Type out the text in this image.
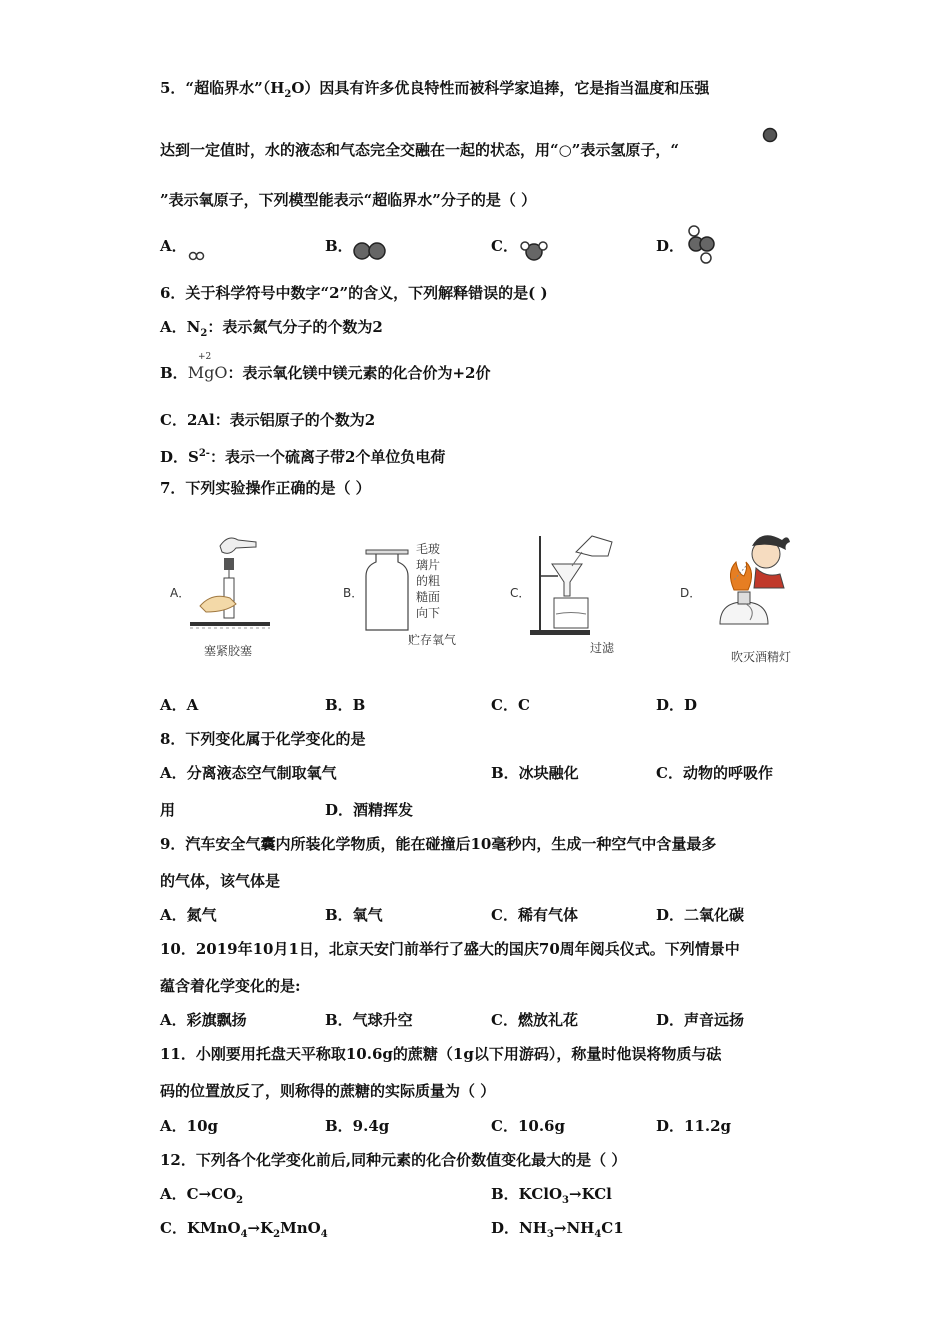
5．“超临界水$”(H_2O)$因具有许多优良特性而被科学家追捧，它是指当温度和压强
达到一定值时，水的液态和气态完全交融在一起的状态，用“○”表示氢原子，“
”表示氧原子，下列模型能表示“超临界水”分子的是（ ）
A．	B．	C．	D．
6．关于科学符号中数字“2”的含义，下列解释错误的是( )
A．$N_2$：表示氮气分子的个数为2
+2
B．MgO：表示氧化镁中镁元素的化合价为+2价
C．2Al：表示铝原子的个数为2
D．$S^{2-}$：表示一个硫离子带2个单位负电荷
7．下列实验操作正确的是（ ）
A．
塞紧胶塞
B．
毛玻
璃片
的粗
糙面
向下
贮存氧气
C．
过滤
D．
吹灭酒精灯
A．A	B．B	C．C	D．D
8．下列变化属于化学变化的是
A．分离液态空气制取氧气	B．冰块融化	C．动物的呼吸作
用	D．酒精挥发
9．汽车安全气囊内所装化学物质，能在碰撞后10毫秒内，生成一种空气中含量最多
的气体，该气体是
A．氮气	B．氧气	C．稀有气体	D．二氧化碳
10．2019年10月1日，北京天安门前举行了盛大的国庆70周年阅兵仪式。下列情景中
蕴含着化学变化的是:
A．彩旗飘扬	B．气球升空	C．燃放礼花	D．声音远扬
11．小刚要用托盘天平称取10.6g的蔗糖（1g以下用游码），称量时他误将物质与砝
码的位置放反了，则称得的蔗糖的实际质量为（ ）
A．10g	B．9.4g	C．10.6g	D．11.2g
12．下列各个化学变化前后,同种元素的化合价数值变化最大的是（ ）
A．$C\to CO_2$	B．KClO$_3$→KCl
C．$KMnO_4\to K_2MnO_4$	D．$NH_3\to NH_4C1$
